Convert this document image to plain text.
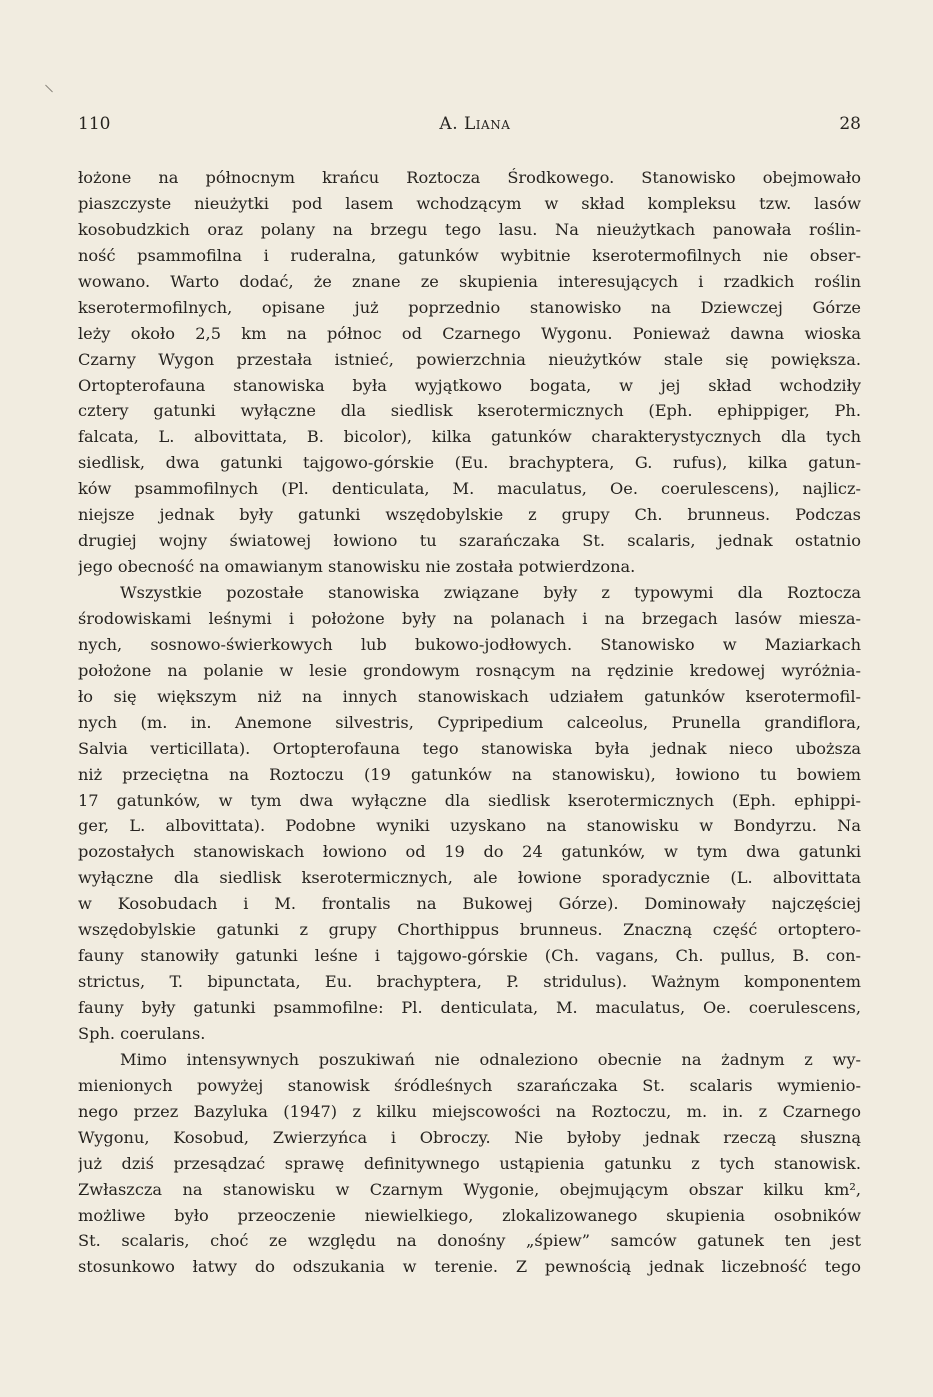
110	A. Liana	28
łożone na północnym krańcu Roztocza Środkowego. Stanowisko obejmowało
piaszczyste nieużytki pod lasem wchodzącym w skład kompleksu tzw. lasów
kosobudzkich oraz polany na brzegu tego lasu. Na nieużytkach panowała roślin-
ność psammofilna i ruderalna, gatunków wybitnie kserotermofilnych nie obser-
wowano. Warto dodać, że znane ze skupienia interesujących i rzadkich roślin
kserotermofilnych, opisane już poprzednio stanowisko na Dziewczej Górze
leży około 2,5 km na północ od Czarnego Wygonu. Ponieważ dawna wioska
Czarny Wygon przestała istnieć, powierzchnia nieużytków stale się powiększa.
Ortopterofauna stanowiska była wyjątkowo bogata, w jej skład wchodziły
cztery gatunki wyłączne dla siedlisk kserotermicznych (Eph. ephippiger, Ph.
falcata, L. albovittata, B. bicolor), kilka gatunków charakterystycznych dla tych
siedlisk, dwa gatunki tajgowo-górskie (Eu. brachyptera, G. rufus), kilka gatun-
ków psammofilnych (Pl. denticulata, M. maculatus, Oe. coerulescens), najlicz-
niejsze jednak były gatunki wszędobylskie z grupy Ch. brunneus. Podczas
drugiej wojny światowej łowiono tu szarańczaka St. scalaris, jednak ostatnio
jego obecność na omawianym stanowisku nie została potwierdzona.
Wszystkie pozostałe stanowiska związane były z typowymi dla Roztocza
środowiskami leśnymi i położone były na polanach i na brzegach lasów miesza-
nych, sosnowo-świerkowych lub bukowo-jodłowych. Stanowisko w Maziarkach
położone na polanie w lesie grondowym rosnącym na rędzinie kredowej wyróżnia-
ło się większym niż na innych stanowiskach udziałem gatunków kserotermofil-
nych (m. in. Anemone silvestris, Cypripedium calceolus, Prunella grandiflora,
Salvia verticillata). Ortopterofauna tego stanowiska była jednak nieco uboższa
niż przeciętna na Roztoczu (19 gatunków na stanowisku), łowiono tu bowiem
17 gatunków, w tym dwa wyłączne dla siedlisk kserotermicznych (Eph. ephippi-
ger, L. albovittata). Podobne wyniki uzyskano na stanowisku w Bondyrzu. Na
pozostałych stanowiskach łowiono od 19 do 24 gatunków, w tym dwa gatunki
wyłączne dla siedlisk kserotermicznych, ale łowione sporadycznie (L. albovittata
w Kosobudach i M. frontalis na Bukowej Górze). Dominowały najczęściej
wszędobylskie gatunki z grupy Chorthippus brunneus. Znaczną część ortoptero-
fauny stanowiły gatunki leśne i tajgowo-górskie (Ch. vagans, Ch. pullus, B. con-
strictus, T. bipunctata, Eu. brachyptera, P. stridulus). Ważnym komponentem
fauny były gatunki psammofilne: Pl. denticulata, M. maculatus, Oe. coerulescens,
Sph. coerulans.
Mimo intensywnych poszukiwań nie odnaleziono obecnie na żadnym z wy-
mienionych powyżej stanowisk śródleśnych szarańczaka St. scalaris wymienio-
nego przez Bazyluka (1947) z kilku miejscowości na Roztoczu, m. in. z Czarnego
Wygonu, Kosobud, Zwierzyńca i Obroczy. Nie byłoby jednak rzeczą słuszną
już dziś przesądzać sprawę definitywnego ustąpienia gatunku z tych stanowisk.
Zwłaszcza na stanowisku w Czarnym Wygonie, obejmującym obszar kilku km²,
możliwe było przeoczenie niewielkiego, zlokalizowanego skupienia osobników
St. scalaris, choć ze względu na donośny „śpiew” samców gatunek ten jest
stosunkowo łatwy do odszukania w terenie. Z pewnością jednak liczebność tego
